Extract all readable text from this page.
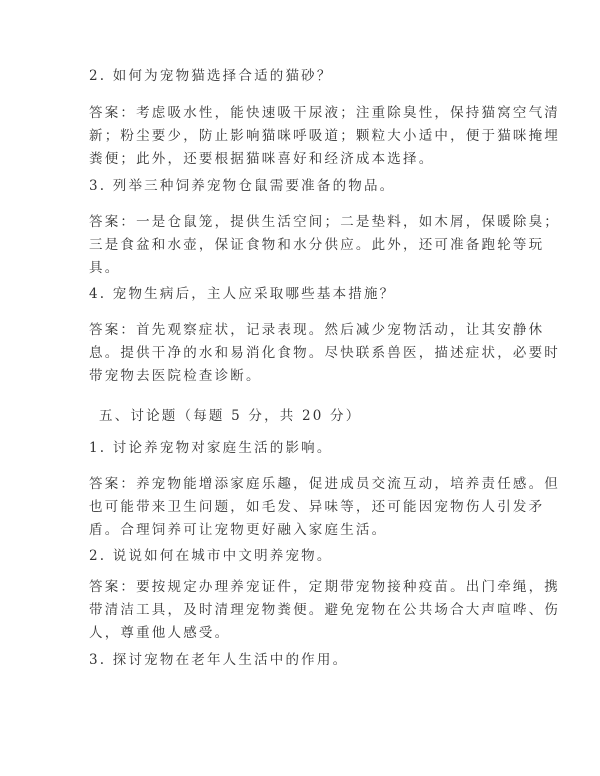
2. 如何为宠物猫选择合适的猫砂？
答案：考虑吸水性，能快速吸干尿液；注重除臭性，保持猫窝空气清
新；粉尘要少，防止影响猫咪呼吸道；颗粒大小适中，便于猫咪掩埋
粪便；此外，还要根据猫咪喜好和经济成本选择。
3. 列举三种饲养宠物仓鼠需要准备的物品。
答案：一是仓鼠笼，提供生活空间；二是垫料，如木屑，保暖除臭；
三是食盆和水壶，保证食物和水分供应。此外，还可准备跑轮等玩
具。
4. 宠物生病后，主人应采取哪些基本措施？
答案：首先观察症状，记录表现。然后减少宠物活动，让其安静休
息。提供干净的水和易消化食物。尽快联系兽医，描述症状，必要时
带宠物去医院检查诊断。
五、讨论题（每题 5 分，共 20 分）
1. 讨论养宠物对家庭生活的影响。
答案：养宠物能增添家庭乐趣，促进成员交流互动，培养责任感。但
也可能带来卫生问题，如毛发、异味等，还可能因宠物伤人引发矛
盾。合理饲养可让宠物更好融入家庭生活。
2. 说说如何在城市中文明养宠物。
答案：要按规定办理养宠证件，定期带宠物接种疫苗。出门牵绳，携
带清洁工具，及时清理宠物粪便。避免宠物在公共场合大声喧哗、伤
人，尊重他人感受。
3. 探讨宠物在老年人生活中的作用。
